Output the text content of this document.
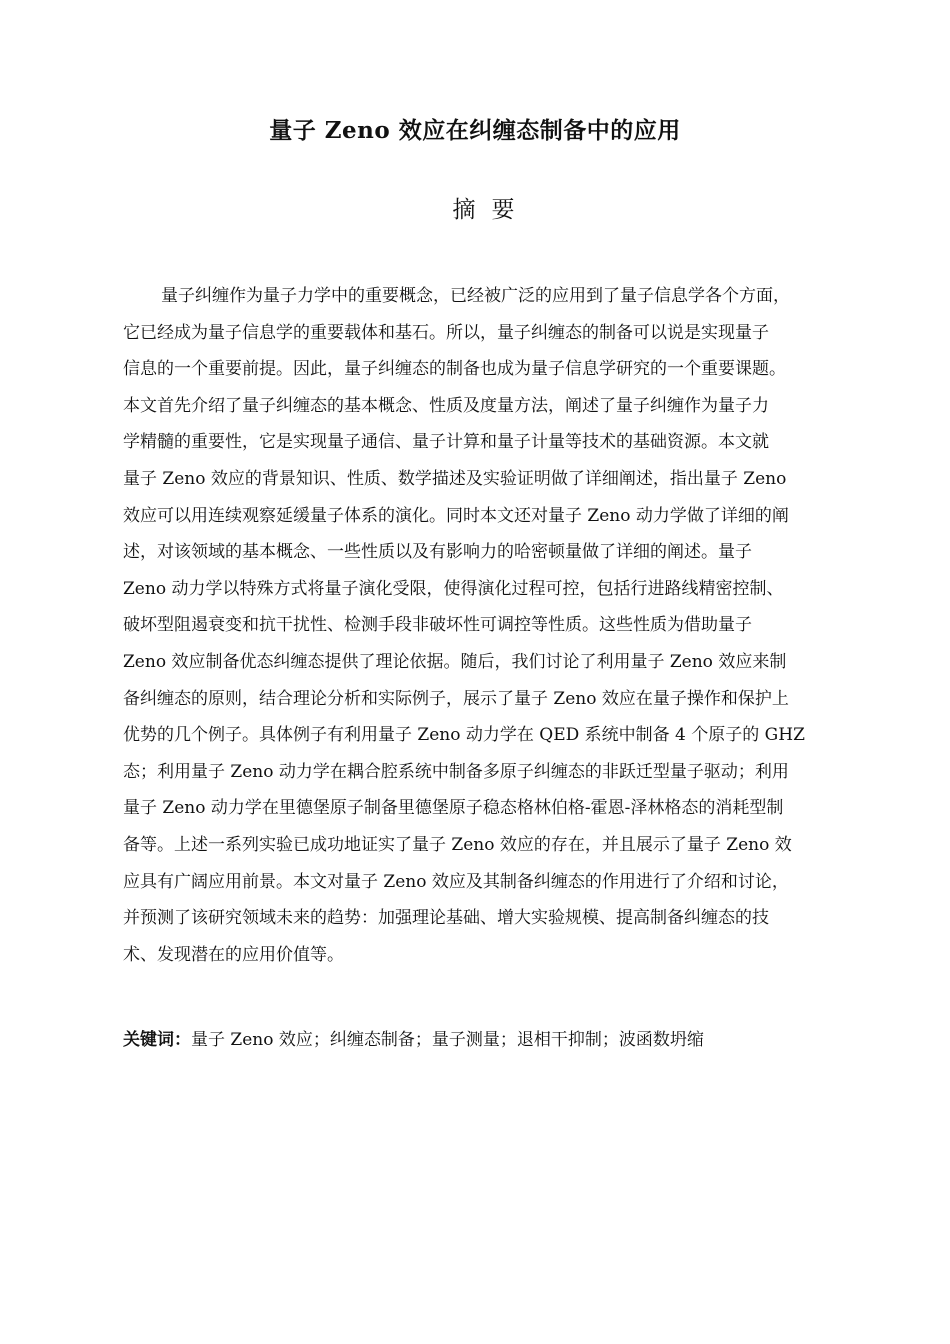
量子 Zeno 效应在纠缠态制备中的应用
摘要
量子纠缠作为量子力学中的重要概念，已经被广泛的应用到了量子信息学各个方面，
它已经成为量子信息学的重要载体和基石。所以，量子纠缠态的制备可以说是实现量子
信息的一个重要前提。因此，量子纠缠态的制备也成为量子信息学研究的一个重要课题。
本文首先介绍了量子纠缠态的基本概念、性质及度量方法，阐述了量子纠缠作为量子力
学精髓的重要性，它是实现量子通信、量子计算和量子计量等技术的基础资源。本文就
量子 Zeno 效应的背景知识、性质、数学描述及实验证明做了详细阐述，指出量子 Zeno
效应可以用连续观察延缓量子体系的演化。同时本文还对量子 Zeno 动力学做了详细的阐
述，对该领域的基本概念、一些性质以及有影响力的哈密顿量做了详细的阐述。量子
Zeno 动力学以特殊方式将量子演化受限，使得演化过程可控，包括行进路线精密控制、
破坏型阻遏衰变和抗干扰性、检测手段非破坏性可调控等性质。这些性质为借助量子
Zeno 效应制备优态纠缠态提供了理论依据。随后，我们讨论了利用量子 Zeno 效应来制
备纠缠态的原则，结合理论分析和实际例子，展示了量子 Zeno 效应在量子操作和保护上
优势的几个例子。具体例子有利用量子 Zeno 动力学在 QED 系统中制备 4 个原子的 GHZ
态；利用量子 Zeno 动力学在耦合腔系统中制备多原子纠缠态的非跃迁型量子驱动；利用
量子 Zeno 动力学在里德堡原子制备里德堡原子稳态格林伯格-霍恩-泽林格态的消耗型制
备等。上述一系列实验已成功地证实了量子 Zeno 效应的存在，并且展示了量子 Zeno 效
应具有广阔应用前景。本文对量子 Zeno 效应及其制备纠缠态的作用进行了介绍和讨论，
并预测了该研究领域未来的趋势：加强理论基础、增大实验规模、提高制备纠缠态的技
术、发现潜在的应用价值等。
关键词：量子 Zeno 效应；纠缠态制备；量子测量；退相干抑制；波函数坍缩
